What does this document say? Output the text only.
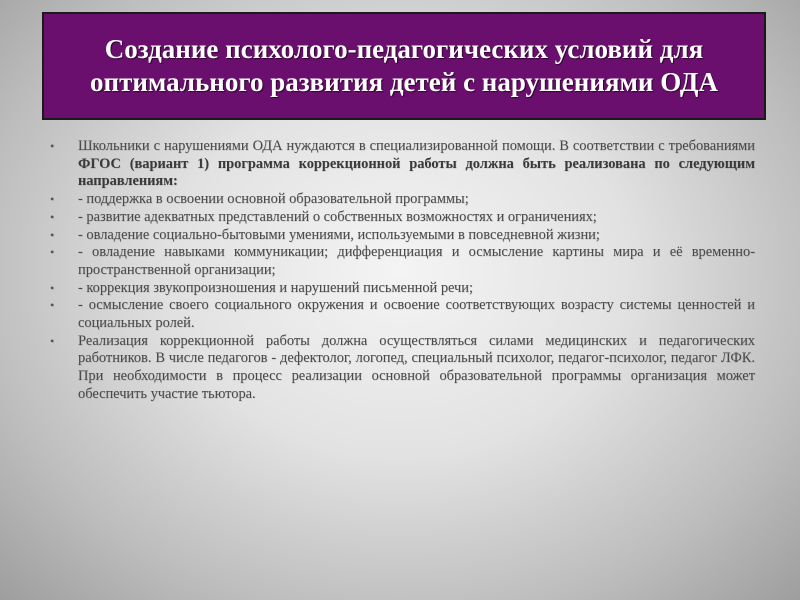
Создание психолого-педагогических условий для оптимального развития детей с нарушениями ОДА
• Школьники с нарушениями ОДА нуждаются в специализированной помощи. В соответствии с требованиями ФГОС (вариант 1) программа коррекционной работы должна быть реализована по следующим направлениям:
• - поддержка в освоении основной образовательной программы;
• - развитие адекватных представлений о собственных возможностях и ограничениях;
• - овладение социально-бытовыми умениями, используемыми в повседневной жизни;
• - овладение навыками коммуникации; дифференциация и осмысление картины мира и её временно-пространственной организации;
• - коррекция звукопроизношения и нарушений письменной речи;
• - осмысление своего социального окружения и освоение соответствующих возрасту системы ценностей и социальных ролей.
• Реализация коррекционной работы должна осуществляться силами медицинских и педагогических работников. В числе педагогов - дефектолог, логопед, специальный психолог, педагог-психолог, педагог ЛФК. При необходимости в процесс реализации основной образовательной программы организация может обеспечить участие тьютора.
